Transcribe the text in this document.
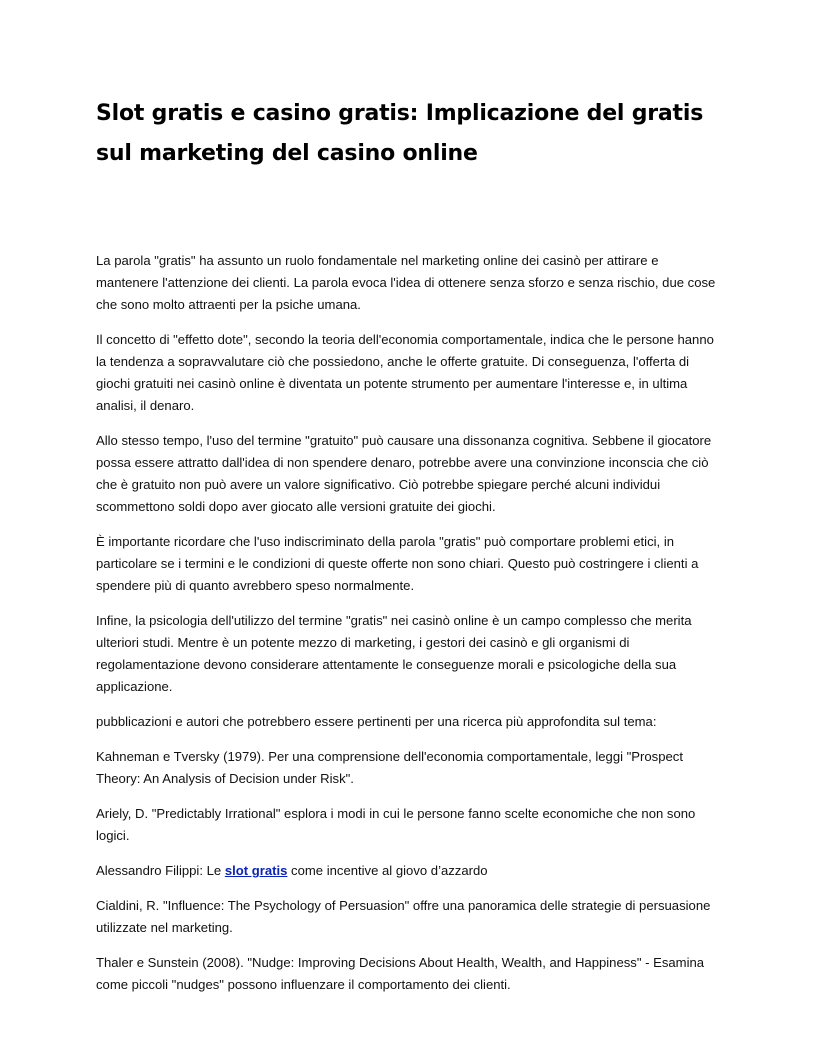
Slot gratis e casino gratis: Implicazione del gratis sul marketing del casino online

La parola "gratis" ha assunto un ruolo fondamentale nel marketing online dei casinò per attirare e mantenere l'attenzione dei clienti. La parola evoca l'idea di ottenere senza sforzo e senza rischio, due cose che sono molto attraenti per la psiche umana.

Il concetto di "effetto dote", secondo la teoria dell'economia comportamentale, indica che le persone hanno la tendenza a sopravvalutare ciò che possiedono, anche le offerte gratuite. Di conseguenza, l'offerta di giochi gratuiti nei casinò online è diventata un potente strumento per aumentare l'interesse e, in ultima analisi, il denaro.

Allo stesso tempo, l'uso del termine "gratuito" può causare una dissonanza cognitiva. Sebbene il giocatore possa essere attratto dall'idea di non spendere denaro, potrebbe avere una convinzione inconscia che ciò che è gratuito non può avere un valore significativo. Ciò potrebbe spiegare perché alcuni individui scommettono soldi dopo aver giocato alle versioni gratuite dei giochi.

È importante ricordare che l'uso indiscriminato della parola "gratis" può comportare problemi etici, in particolare se i termini e le condizioni di queste offerte non sono chiari. Questo può costringere i clienti a spendere più di quanto avrebbero speso normalmente.

Infine, la psicologia dell'utilizzo del termine "gratis" nei casinò online è un campo complesso che merita ulteriori studi. Mentre è un potente mezzo di marketing, i gestori dei casinò e gli organismi di regolamentazione devono considerare attentamente le conseguenze morali e psicologiche della sua applicazione.

pubblicazioni e autori che potrebbero essere pertinenti per una ricerca più approfondita sul tema:

Kahneman e Tversky (1979). Per una comprensione dell'economia comportamentale, leggi "Prospect Theory: An Analysis of Decision under Risk".

Ariely, D. "Predictably Irrational" esplora i modi in cui le persone fanno scelte economiche che non sono logici.

Alessandro Filippi: Le slot gratis come incentive al giovo d’azzardo

Cialdini, R. "Influence: The Psychology of Persuasion" offre una panoramica delle strategie di persuasione utilizzate nel marketing.

Thaler e Sunstein (2008). "Nudge: Improving Decisions About Health, Wealth, and Happiness" - Esamina come piccoli "nudges" possono influenzare il comportamento dei clienti.
